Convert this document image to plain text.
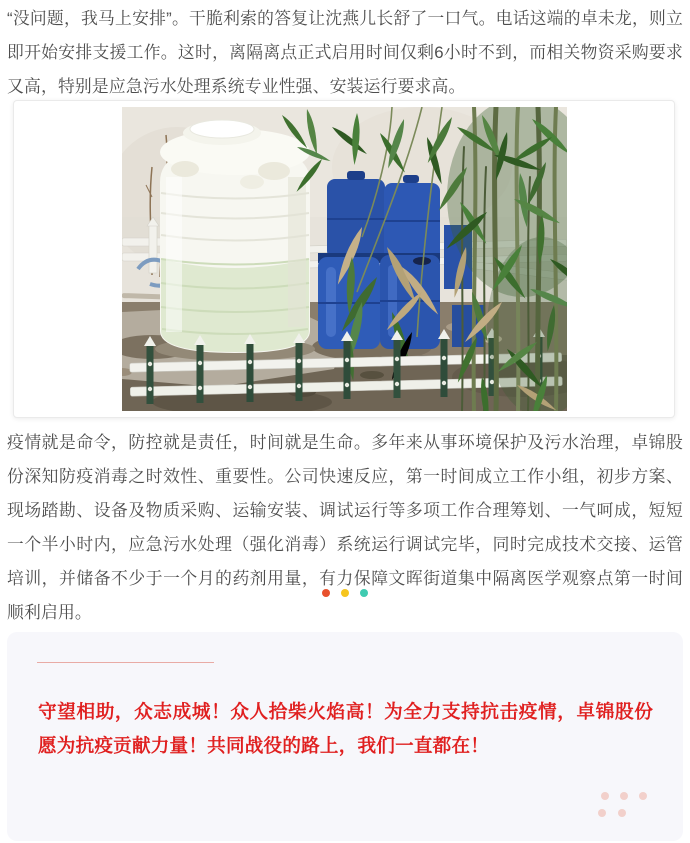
“没问题，我马上安排”。干脆利索的答复让沈燕儿长舒了一口气。电话这端的卓未龙，则立即开始安排支援工作。这时，离隔离点正式启用时间仅剩6小时不到，而相关物资采购要求又高，特别是应急污水处理系统专业性强、安装运行要求高。

疫情就是命令，防控就是责任，时间就是生命。多年来从事环境保护及污水治理，卓锦股份深知防疫消毒之时效性、重要性。公司快速反应，第一时间成立工作小组，初步方案、现场踏勘、设备及物质采购、运输安装、调试运行等多项工作合理筹划、一气呵成，短短一个半小时内，应急污水处理（强化消毒）系统运行调试完毕，同时完成技术交接、运管培训，并储备不少于一个月的药剂用量，有力保障文晖街道集中隔离医学观察点第一时间顺利启用。

守望相助，众志成城！众人拾柴火焰高！为全力支持抗击疫情，卓锦股份愿为抗疫贡献力量！共同战役的路上，我们一直都在！
